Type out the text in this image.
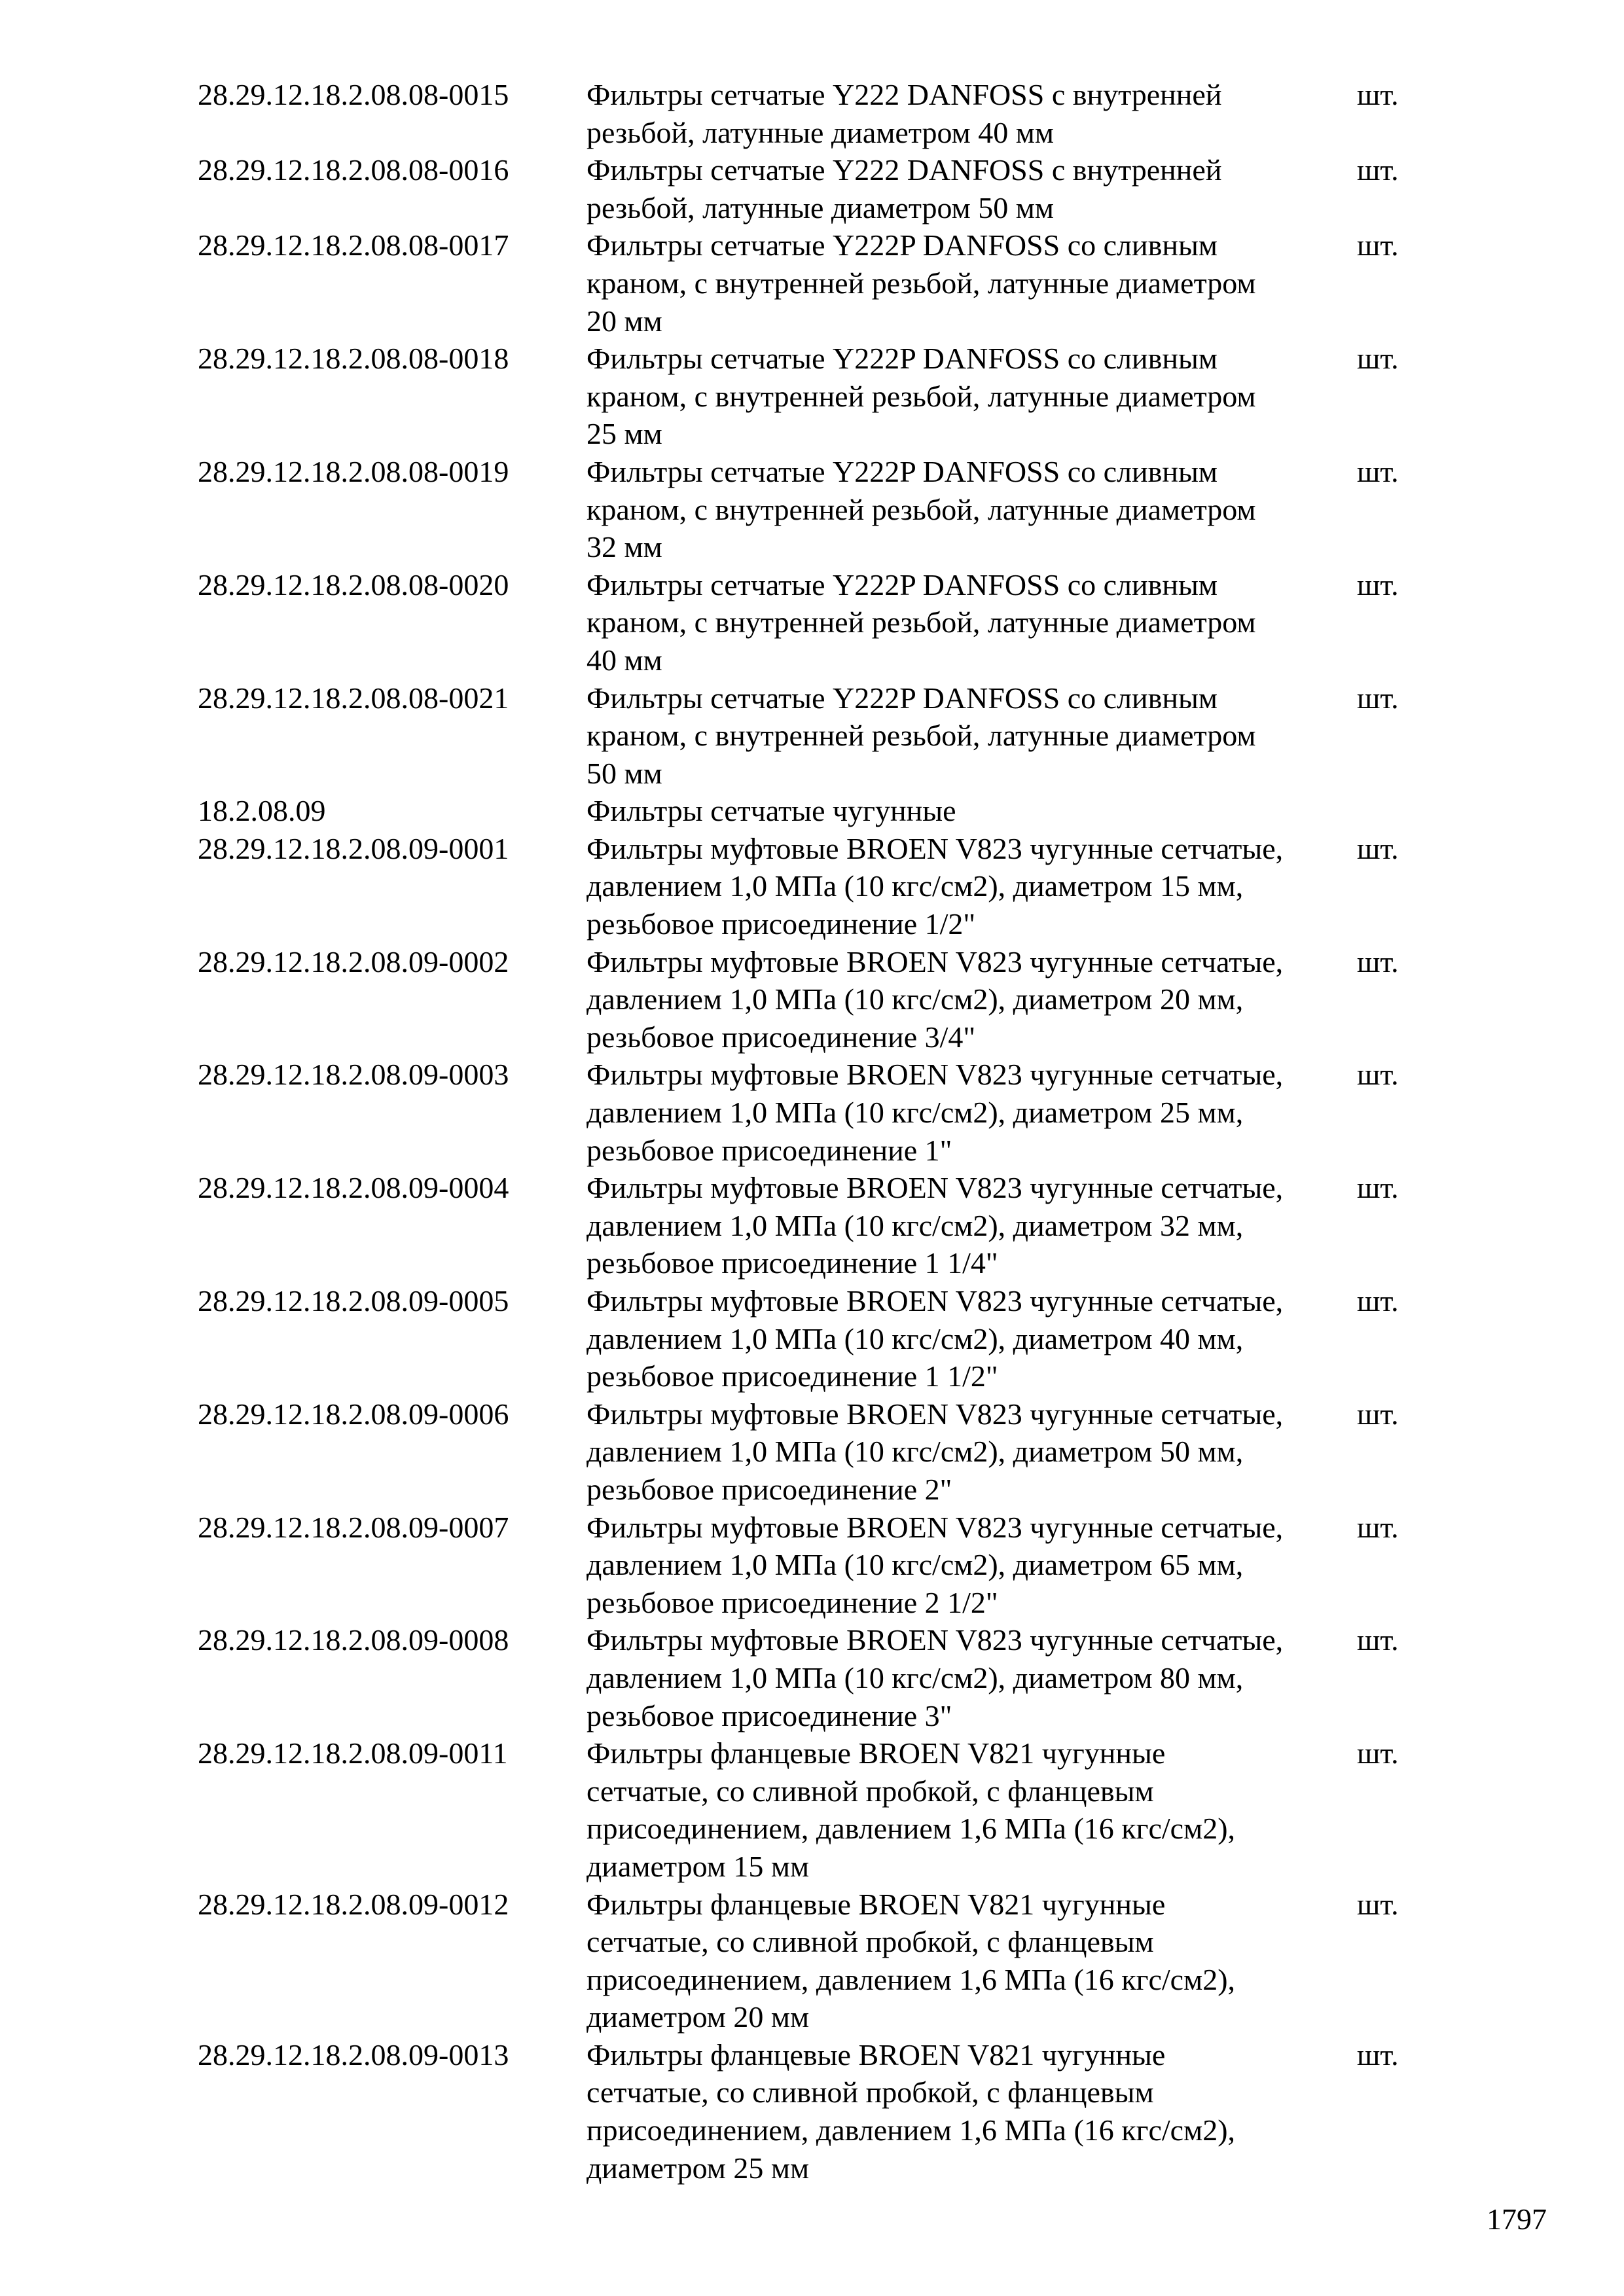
28.29.12.18.2.08.08-0015	Фильтры сетчатые Y222 DANFOSS с внутренней
резьбой, латунные диаметром 40 мм
шт.
28.29.12.18.2.08.08-0016	Фильтры сетчатые Y222 DANFOSS с внутренней
резьбой, латунные диаметром 50 мм
шт.
28.29.12.18.2.08.08-0017	Фильтры сетчатые Y222P DANFOSS со сливным
краном, с внутренней резьбой, латунные диаметром
20 мм
шт.
28.29.12.18.2.08.08-0018	Фильтры сетчатые Y222P DANFOSS со сливным
краном, с внутренней резьбой, латунные диаметром
25 мм
шт.
28.29.12.18.2.08.08-0019	Фильтры сетчатые Y222P DANFOSS со сливным
краном, с внутренней резьбой, латунные диаметром
32 мм
шт.
28.29.12.18.2.08.08-0020	Фильтры сетчатые Y222P DANFOSS со сливным
краном, с внутренней резьбой, латунные диаметром
40 мм
шт.
28.29.12.18.2.08.08-0021	Фильтры сетчатые Y222P DANFOSS со сливным
краном, с внутренней резьбой, латунные диаметром
50 мм
шт.
18.2.08.09	Фильтры сетчатые чугунные
28.29.12.18.2.08.09-0001	Фильтры муфтовые BROEN V823 чугунные сетчатые,
давлением 1,0 МПа (10 кгс/см2), диаметром 15 мм,
резьбовое присоединение 1/2"
шт.
28.29.12.18.2.08.09-0002	Фильтры муфтовые BROEN V823 чугунные сетчатые,
давлением 1,0 МПа (10 кгс/см2), диаметром 20 мм,
резьбовое присоединение 3/4"
шт.
28.29.12.18.2.08.09-0003	Фильтры муфтовые BROEN V823 чугунные сетчатые,
давлением 1,0 МПа (10 кгс/см2), диаметром 25 мм,
резьбовое присоединение 1"
шт.
28.29.12.18.2.08.09-0004	Фильтры муфтовые BROEN V823 чугунные сетчатые,
давлением 1,0 МПа (10 кгс/см2), диаметром 32 мм,
резьбовое присоединение 1 1/4"
шт.
28.29.12.18.2.08.09-0005	Фильтры муфтовые BROEN V823 чугунные сетчатые,
давлением 1,0 МПа (10 кгс/см2), диаметром 40 мм,
резьбовое присоединение 1 1/2"
шт.
28.29.12.18.2.08.09-0006	Фильтры муфтовые BROEN V823 чугунные сетчатые,
давлением 1,0 МПа (10 кгс/см2), диаметром 50 мм,
резьбовое присоединение 2"
шт.
28.29.12.18.2.08.09-0007	Фильтры муфтовые BROEN V823 чугунные сетчатые,
давлением 1,0 МПа (10 кгс/см2), диаметром 65 мм,
резьбовое присоединение 2 1/2"
шт.
28.29.12.18.2.08.09-0008	Фильтры муфтовые BROEN V823 чугунные сетчатые,
давлением 1,0 МПа (10 кгс/см2), диаметром 80 мм,
резьбовое присоединение 3"
шт.
28.29.12.18.2.08.09-0011	Фильтры фланцевые BROEN V821 чугунные
сетчатые, со сливной пробкой, с фланцевым
присоединением, давлением 1,6 МПа (16 кгс/см2),
диаметром 15 мм
шт.
28.29.12.18.2.08.09-0012	Фильтры фланцевые BROEN V821 чугунные
сетчатые, со сливной пробкой, с фланцевым
присоединением, давлением 1,6 МПа (16 кгс/см2),
диаметром 20 мм
шт.
28.29.12.18.2.08.09-0013	Фильтры фланцевые BROEN V821 чугунные
сетчатые, со сливной пробкой, с фланцевым
присоединением, давлением 1,6 МПа (16 кгс/см2),
диаметром 25 мм
шт.
1797
